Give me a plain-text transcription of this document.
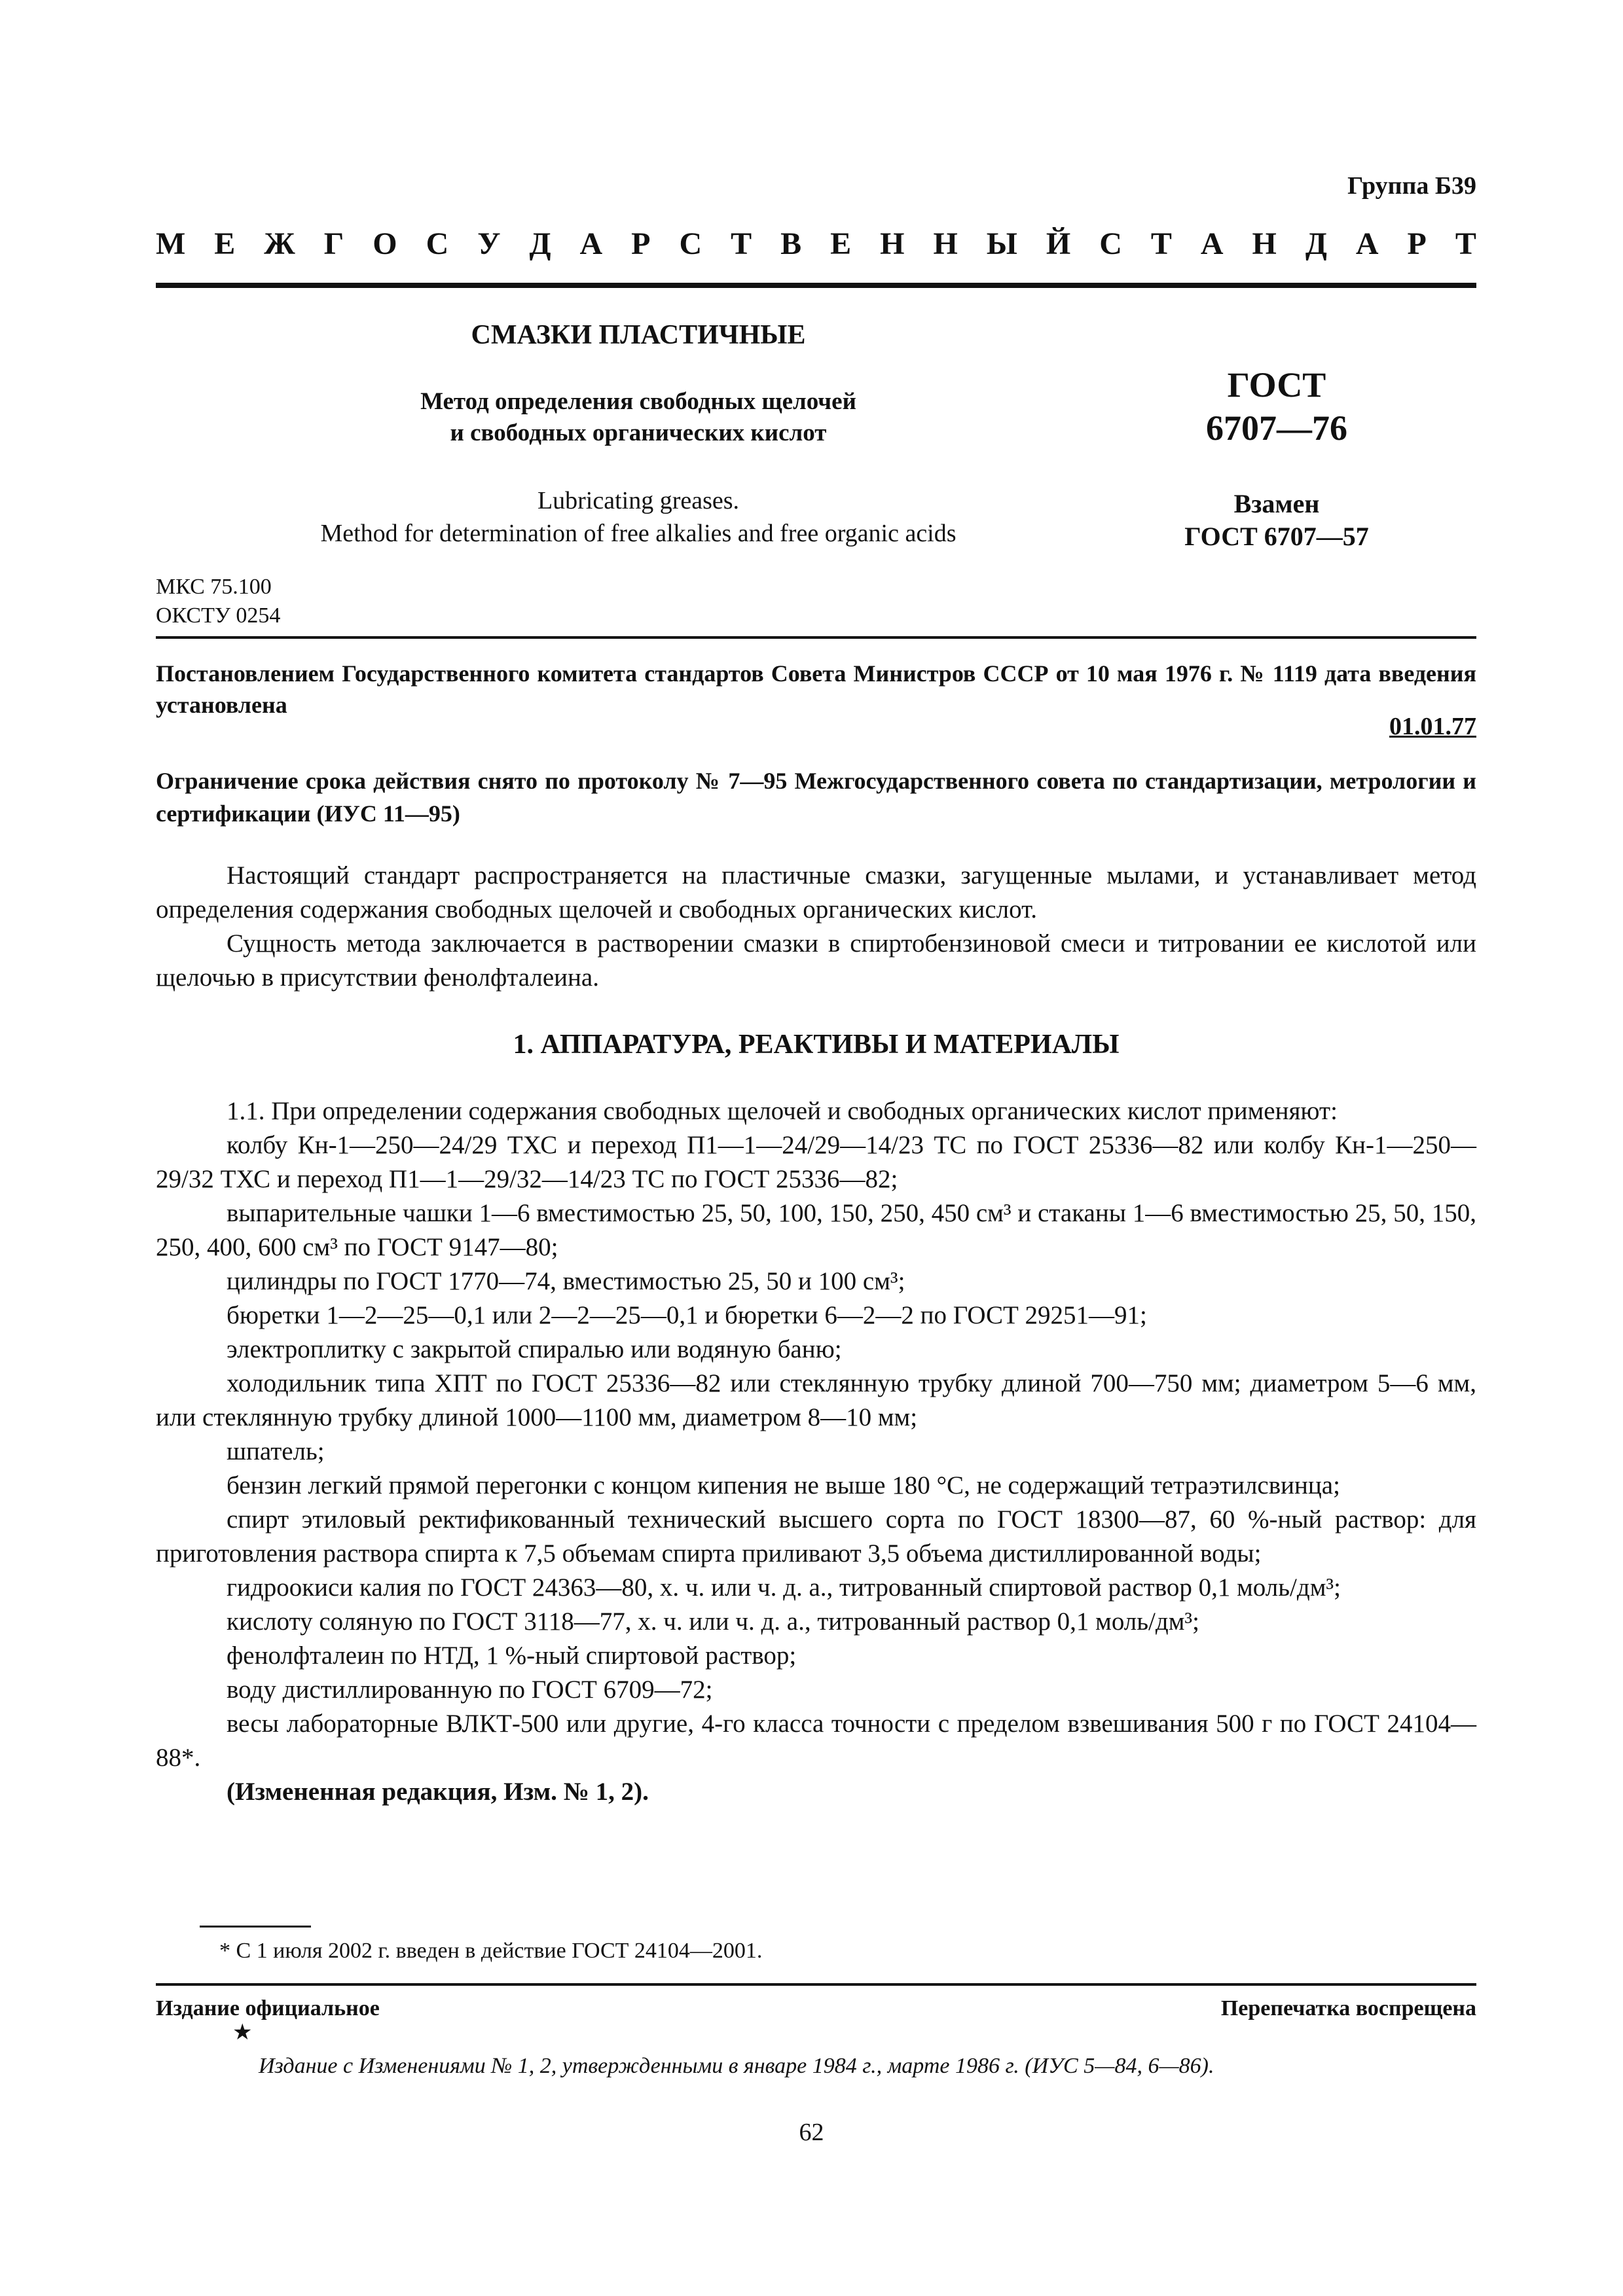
Группа Б39
М Е Ж Г О С У Д А Р С Т В Е Н Н Ы Й С Т А Н Д А Р Т
СМАЗКИ ПЛАСТИЧНЫЕ
Метод определения свободных щелочей
и свободных органических кислот
Lubricating greases.
Method for determination of free alkalies and free organic acids
ГОСТ
6707—76
Взамен
ГОСТ 6707—57
МКС 75.100
ОКСТУ 0254
Постановлением Государственного комитета стандартов Совета Министров СССР от 10 мая 1976 г. № 1119 дата введения установлена
01.01.77
Ограничение срока действия снято по протоколу № 7—95 Межгосударственного совета по стандартизации, метрологии и сертификации (ИУС 11—95)

Настоящий стандарт распространяется на пластичные смазки, загущенные мылами, и устанавливает метод определения содержания свободных щелочей и свободных органических кислот.

Сущность метода заключается в растворении смазки в спиртобензиновой смеси и титровании ее кислотой или щелочью в присутствии фенолфталеина.

1. АППАРАТУРА, РЕАКТИВЫ И МАТЕРИАЛЫ

1.1. При определении содержания свободных щелочей и свободных органических кислот применяют:

колбу Кн-1—250—24/29 ТХС и переход П1—1—24/29—14/23 ТС по ГОСТ 25336—82 или колбу Кн-1—250—29/32 ТХС и переход П1—1—29/32—14/23 ТС по ГОСТ 25336—82;

выпарительные чашки 1—6 вместимостью 25, 50, 100, 150, 250, 450 см³ и стаканы 1—6 вместимостью 25, 50, 150, 250, 400, 600 см³ по ГОСТ 9147—80;

цилиндры по ГОСТ 1770—74, вместимостью 25, 50 и 100 см³;

бюретки 1—2—25—0,1 или 2—2—25—0,1 и бюретки 6—2—2 по ГОСТ 29251—91;

электроплитку с закрытой спиралью или водяную баню;

холодильник типа ХПТ по ГОСТ 25336—82 или стеклянную трубку длиной 700—750 мм; диаметром 5—6 мм, или стеклянную трубку длиной 1000—1100 мм, диаметром 8—10 мм;

шпатель;

бензин легкий прямой перегонки с концом кипения не выше 180 °С, не содержащий тетраэтилсвинца;

спирт этиловый ректификованный технический высшего сорта по ГОСТ 18300—87, 60 %-ный раствор: для приготовления раствора спирта к 7,5 объемам спирта приливают 3,5 объема дистиллированной воды;

гидроокиси калия по ГОСТ 24363—80, х. ч. или ч. д. а., титрованный спиртовой раствор 0,1 моль/дм³;

кислоту соляную по ГОСТ 3118—77, х. ч. или ч. д. а., титрованный раствор 0,1 моль/дм³;

фенолфталеин по НТД, 1 %-ный спиртовой раствор;

воду дистиллированную по ГОСТ 6709—72;

весы лабораторные ВЛКТ-500 или другие, 4-го класса точности с пределом взвешивания 500 г по ГОСТ 24104—88*.

(Измененная редакция, Изм. № 1, 2).

* С 1 июля 2002 г. введен в действие ГОСТ 24104—2001.
Издание официальное	Перепечатка воспрещена
★
Издание с Изменениями № 1, 2, утвержденными в январе 1984 г., марте 1986 г. (ИУС 5—84, 6—86).
62
